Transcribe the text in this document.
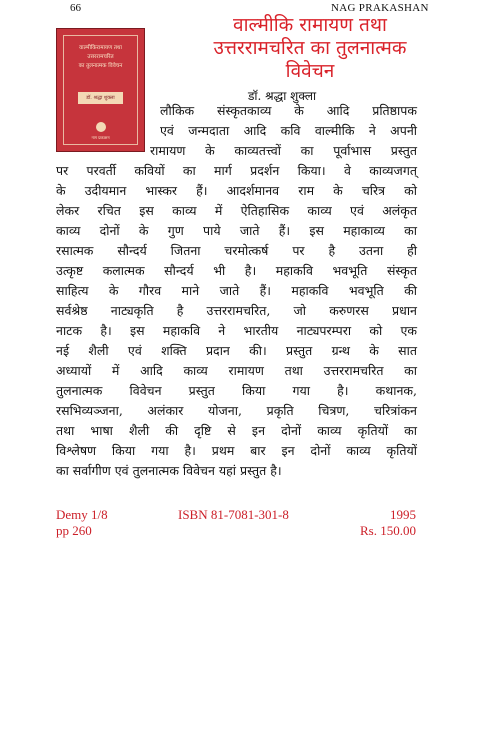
66	NAG PRAKASHAN
वाल्मीकिरामायण तथा उत्तररामचरित
का तुलनात्मक विवेचन
डॉ. श्रद्धा शुक्ला
नाग प्रकाशन
वाल्मीकि रामायण तथा
उत्तररामचरित का तुलनात्मक
विवेचन
डॉ. श्रद्धा शुक्ला
लौकिक संस्कृतकाव्य के आदि प्रतिष्ठापक
एवं जन्मदाता आदि कवि वाल्मीकि ने अपनी
रामायण के काव्यतत्त्वों का पूर्वाभास प्रस्तुत
पर परवर्ती कवियों का मार्ग प्रदर्शन किया। वे काव्यजगत्
के उदीयमान भास्कर हैं। आदर्शमानव राम के चरित्र को
लेकर रचित इस काव्य में ऐतिहासिक काव्य एवं अलंकृत
काव्य दोनों के गुण पाये जाते हैं। इस महाकाव्य का
रसात्मक सौन्दर्य जितना चरमोत्कर्ष पर है उतना ही
उत्कृष्ट कलात्मक सौन्दर्य भी है। महाकवि भवभूति संस्कृत
साहित्य के गौरव माने जाते हैं। महाकवि भवभूति की
सर्वश्रेष्ठ नाट्यकृति है उत्तररामचरित, जो करुणरस प्रधान
नाटक है। इस महाकवि ने भारतीय नाट्यपरम्परा को एक
नई शैली एवं शक्ति प्रदान की। प्रस्तुत ग्रन्थ के सात
अध्यायों में आदि काव्य रामायण तथा उत्तररामचरित का
तुलनात्मक विवेचन प्रस्तुत किया गया है। कथानक,
रसभिव्यञ्जना, अलंकार योजना, प्रकृति चित्रण, चरित्रांकन
तथा भाषा शैली की दृष्टि से इन दोनों काव्य कृतियों का
विश्लेषण किया गया है। प्रथम बार इन दोनों काव्य कृतियों
का सर्वागीण एवं तुलनात्मक विवेचन यहां प्रस्तुत है।
Demy 1/8
pp 260
ISBN 81-7081-301-8	1995
Rs. 150.00
